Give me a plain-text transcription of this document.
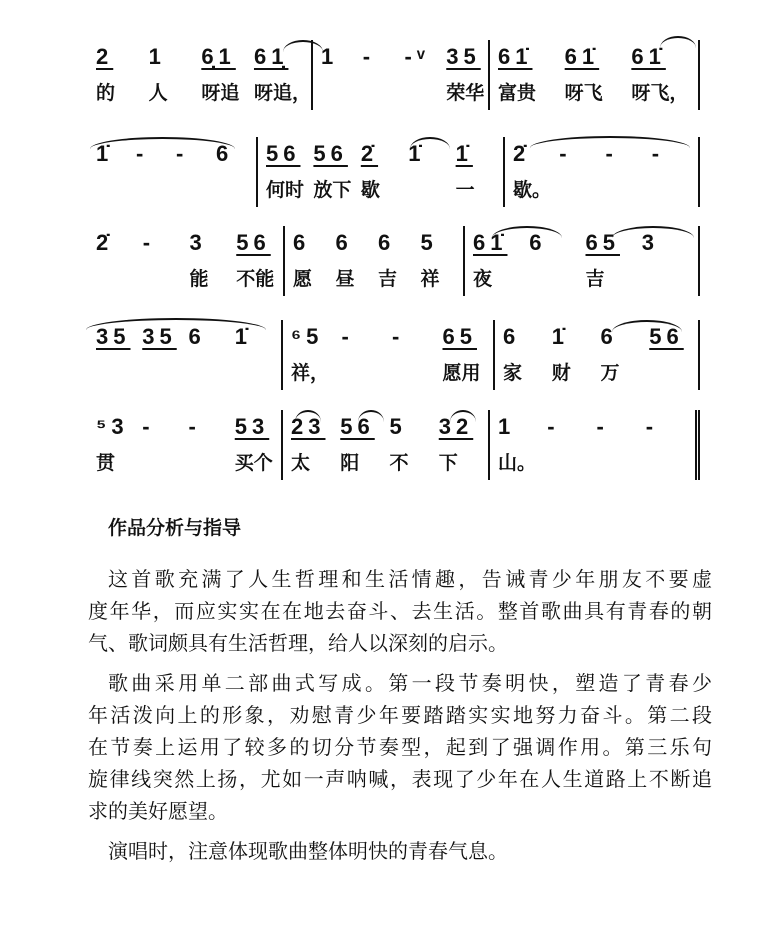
2
的
1
人
6̣1
呀追
61̣
呀追，
1 - -ᵛ 35
荣华
61̇
富贵
61̇
呀飞
61̇
呀飞，
1̇ - - 6 56
何时
56
放下
2̇
歇
1̇ 1̇
一
2̇
歇。
- - -
2̇ - 3
能
56
不能
6
愿
6
昼
6
吉
5
祥
61̇
夜
6 65
吉
3
35 35 6 1̇ ⁶5
祥，
- - 65
愿用
6
家
1̇
财
6
万
56
⁵3
贯
- - 53
买个
23
太
56
阳
5
不
32
下
1
山。
- - -
作品分析与指导
这首歌充满了人生哲理和生活情趣，告诫青少年朋友不要虚
度年华，而应实实在在地去奋斗、去生活。整首歌曲具有青春的朝
气、歌词颇具有生活哲理，给人以深刻的启示。
歌曲采用单二部曲式写成。第一段节奏明快，塑造了青春少
年活泼向上的形象，劝慰青少年要踏踏实实地努力奋斗。第二段
在节奏上运用了较多的切分节奏型，起到了强调作用。第三乐句
旋律线突然上扬，尤如一声呐喊，表现了少年在人生道路上不断追
求的美好愿望。
演唱时，注意体现歌曲整体明快的青春气息。
